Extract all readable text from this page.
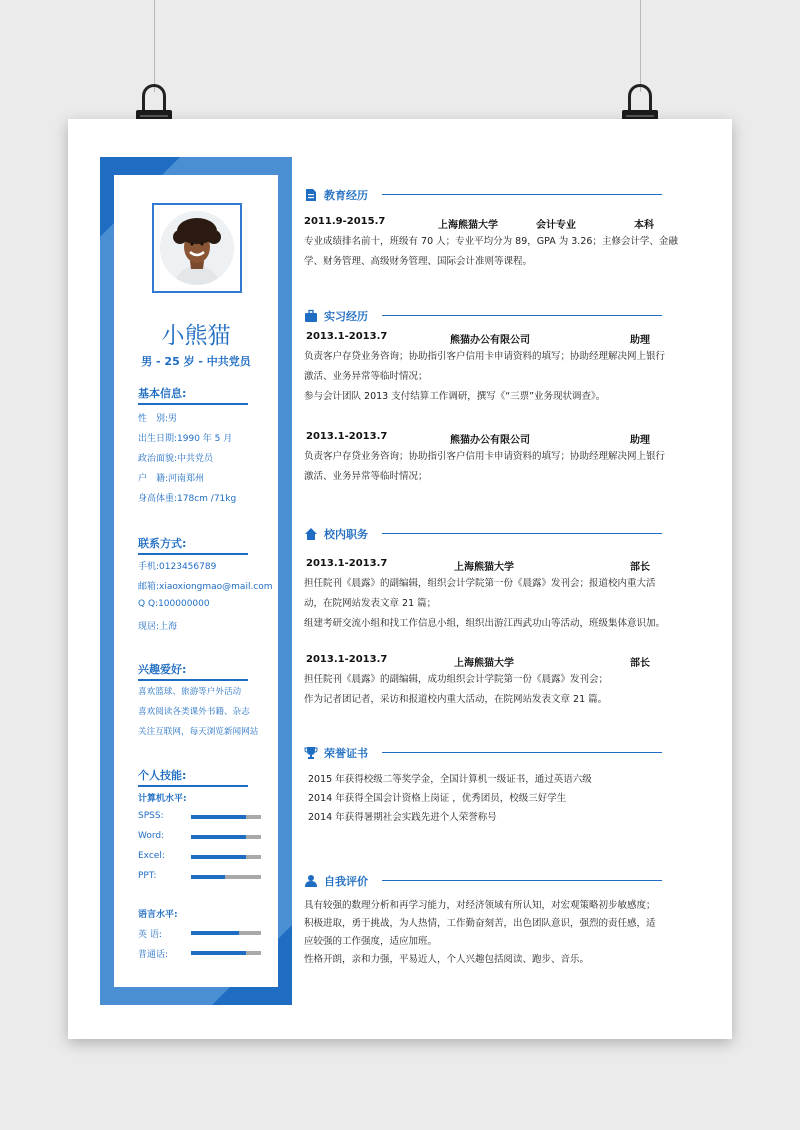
小熊猫
男 - 25 岁 - 中共党员
基本信息:
性　别:男
出生日期:1990 年 5 月
政治面貌:中共党员
户　籍:河南郑州
身高体重:178cm /71kg
联系方式:
手机:0123456789
邮箱:xiaoxiongmao@mail.com
Q Q:100000000
现居:上海
兴趣爱好:
喜欢篮球、旅游等户外活动
喜欢阅读各类课外书籍、杂志
关注互联网，每天浏览新闻网站
个人技能:
计算机水平:
SPSS:
Word:
Excel:
PPT:
语言水平:
英 语:
普通话:
教育经历
2011.9-2015.7	上海熊猫大学	会计专业	本科

专业成绩排名前十，班级有 70 人；专业平均分为 89，GPA 为 3.26；主修会计学、金融

学、财务管理、高级财务管理、国际会计准则等课程。

实习经历
2013.1-2013.7	熊猫办公有限公司	助理

负责客户存贷业务咨询；协助指引客户信用卡申请资料的填写；协助经理解决网上银行

激活、业务异常等临时情况；

参与会计团队 2013 支付结算工作调研，撰写《“三票”业务现状调查》。

2013.1-2013.7	熊猫办公有限公司	助理

负责客户存贷业务咨询；协助指引客户信用卡申请资料的填写；协助经理解决网上银行

激活、业务异常等临时情况；

校内职务
2013.1-2013.7	上海熊猫大学	部长

担任院刊《晨露》的副编辑，组织会计学院第一份《晨露》发刊会；报道校内重大活

动，在院网站发表文章 21 篇；

组建考研交流小组和找工作信息小组，组织出游江西武功山等活动，班级集体意识加。

2013.1-2013.7	上海熊猫大学	部长

担任院刊《晨露》的副编辑，成功组织会计学院第一份《晨露》发刊会；

作为记者团记者，采访和报道校内重大活动，在院网站发表文章 21 篇。

荣誉证书

2015 年获得校级二等奖学金，全国计算机一级证书，通过英语六级

2014 年获得全国会计资格上岗证 ，优秀团员，校级三好学生

2014 年获得暑期社会实践先进个人荣誉称号

自我评价

具有较强的数理分析和再学习能力，对经济领域有所认知，对宏观策略初步敏感度；

积极进取，勇于挑战，为人热情，工作勤奋刻苦，出色团队意识，强烈的责任感，适

应较强的工作强度，适应加班。

性格开朗，亲和力强，平易近人，个人兴趣包括阅读、跑步、音乐。
